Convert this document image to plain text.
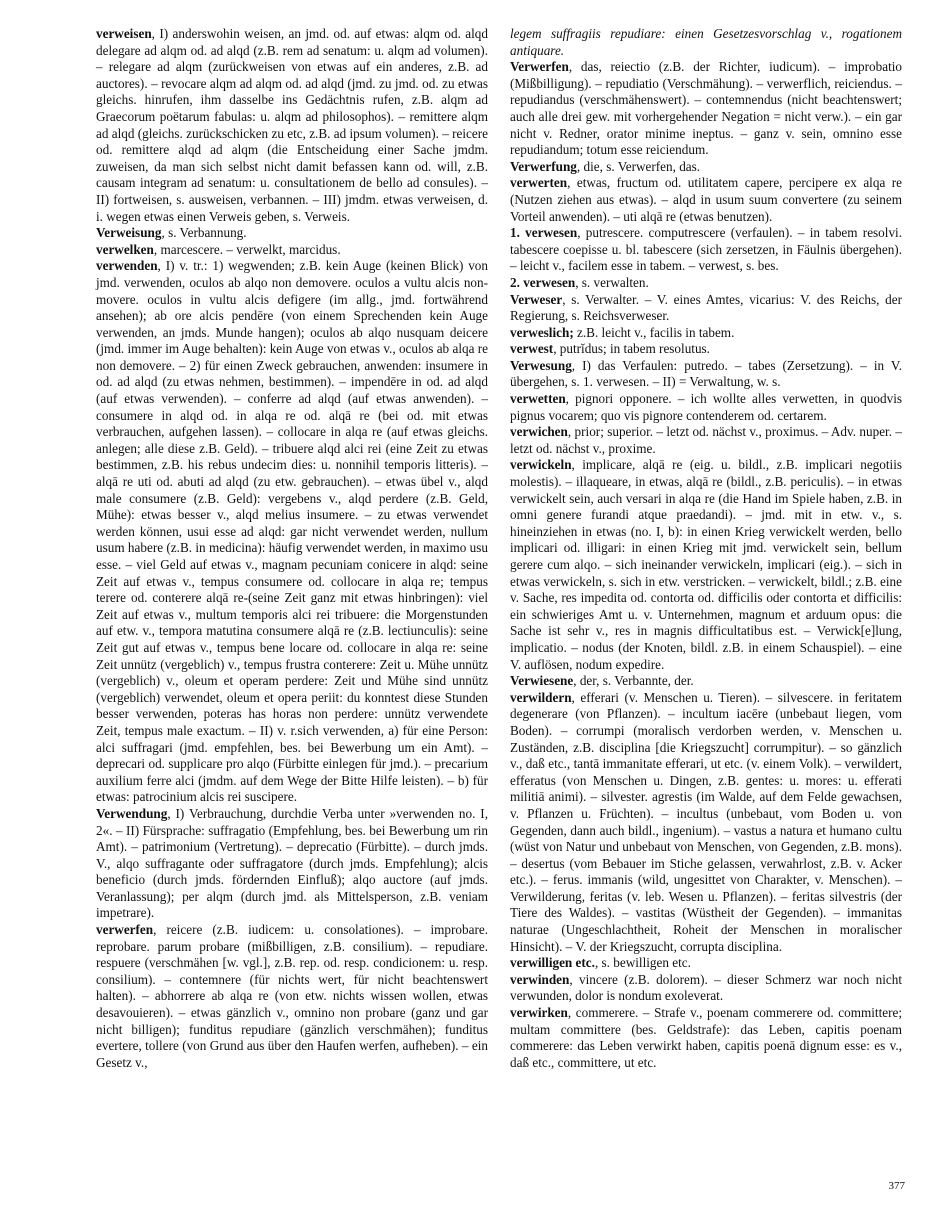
verweisen, I) anderswohin weisen, an jmd. od. auf etwas: alqm od. alqd delegare ad alqm od. ad alqd (z.B. rem ad senatum: u. alqm ad volumen). – relegare ad alqm (zurückweisen von etwas auf ein anderes, z.B. ad auctores). – revocare alqm ad alqm od. ad alqd (jmd. zu jmd. od. zu etwas gleichs. hinrufen, ihm dasselbe ins Gedächtnis rufen, z.B. alqm ad Graecorum poëtarum fabulas: u. alqm ad philosophos). – remittere alqm ad alqd (gleichs. zurückschicken zu etc, z.B. ad ipsum volumen). – reicere od. remittere alqd ad alqm (die Entscheidung einer Sache jmdm. zuweisen, da man sich selbst nicht damit befassen kann od. will, z.B. causam integram ad senatum: u. consultationem de bello ad consules). – II) fortweisen, s. ausweisen, verbannen. – III) jmdm. etwas verweisen, d. i. wegen etwas einen Verweis geben, s. Verweis.

Verweisung, s. Verbannung.

verwelken, marcescere. – verwelkt, marcidus.

verwenden, I) v. tr.: 1) wegwenden; z.B. kein Auge (keinen Blick) von jmd. verwenden, oculos ab alqo non demovere. oculos a vultu alcis non-movere. oculos in vultu alcis defigere (im allg., jmd. fortwährend ansehen); ab ore alcis pendēre (von einem Sprechenden kein Auge verwenden, an jmds. Munde hangen); oculos ab alqo nusquam deicere (jmd. immer im Auge behalten): kein Auge von etwas v., oculos ab alqa re non demovere. – 2) für einen Zweck gebrauchen, anwenden: insumere in od. ad alqd (zu etwas nehmen, bestimmen). – impendēre in od. ad alqd (auf etwas verwenden). – conferre ad alqd (auf etwas anwenden). – consumere in alqd od. in alqa re od. alqā re (bei od. mit etwas verbrauchen, aufgehen lassen). – collocare in alqa re (auf etwas gleichs. anlegen; alle diese z.B. Geld). – tribuere alqd alci rei (eine Zeit zu etwas bestimmen, z.B. his rebus undecim dies: u. nonnihil temporis litteris). – alqā re uti od. abuti ad alqd (zu etw. gebrauchen). – etwas übel v., alqd male consumere (z.B. Geld): vergebens v., alqd perdere (z.B. Geld, Mühe): etwas besser v., alqd melius insumere. – zu etwas verwendet werden können, usui esse ad alqd: gar nicht verwendet werden, nullum usum habere (z.B. in medicina): häufig verwendet werden, in maximo usu esse. – viel Geld auf etwas v., magnam pecuniam conicere in alqd: seine Zeit auf etwas v., tempus consumere od. collocare in alqa re; tempus terere od. conterere alqā re-(seine Zeit ganz mit etwas hinbringen): viel Zeit auf etwas v., multum temporis alci rei tribuere: die Morgenstunden auf etw. v., tempora matutina consumere alqā re (z.B. lectiunculis): seine Zeit gut auf etwas v., tempus bene locare od. collocare in alqa re: seine Zeit unnütz (vergeblich) v., tempus frustra conterere: Zeit u. Mühe unnütz (vergeblich) v., oleum et operam perdere: Zeit und Mühe sind unnütz (vergeblich) verwendet, oleum et opera periit: du konntest diese Stunden besser verwenden, poteras has horas non perdere: unnütz verwendete Zeit, tempus male exactum. – II) v. r.sich verwenden, a) für eine Person: alci suffragari (jmd. empfehlen, bes. bei Bewerbung um ein Amt). – deprecari od. supplicare pro alqo (Fürbitte einlegen für jmd.). – precarium auxilium ferre alci (jmdm. auf dem Wege der Bitte Hilfe leisten). – b) für etwas: patrocinium alcis rei suscipere.

Verwendung, I) Verbrauchung, durchdie Verba unter »verwenden no. I, 2«. – II) Fürsprache: suffragatio (Empfehlung, bes. bei Bewerbung um rin Amt). – patrimonium (Vertretung). – deprecatio (Fürbitte). – durch jmds. V., alqo suffragante oder suffragatore (durch jmds. Empfehlung); alcis beneficio (durch jmds. fördernden Einfluß); alqo auctore (auf jmds. Veranlassung); per alqm (durch jmd. als Mittelsperson, z.B. veniam impetrare).

verwerfen, reicere (z.B. iudicem: u. consolationes). – improbare. reprobare. parum probare (mißbilligen, z.B. consilium). – repudiare. respuere (verschmähen [w. vgl.], z.B. rep. od. resp. condicionem: u. resp. consilium). – contemnere (für nichts wert, für nicht beachtenswert halten). – abhorrere ab alqa re (von etw. nichts wissen wollen, etwas desavouieren). – etwas gänzlich v., omnino non probare (ganz und gar nicht billigen); funditus repudiare (gänzlich verschmähen); funditus evertere, tollere (von Grund aus über den Haufen werfen, aufheben). – ein Gesetz v.,

legem suffragiis repudiare: einen Gesetzesvorschlag v., rogationem antiquare.

Verwerfen, das, reiectio (z.B. der Richter, iudicum). – improbatio (Mißbilligung). – repudiatio (Verschmähung). – verwerflich, reiciendus. – repudiandus (verschmähenswert). – contemnendus (nicht beachtenswert; auch alle drei gew. mit vorhergehender Negation = nicht verw.). – ein gar nicht v. Redner, orator minime ineptus. – ganz v. sein, omnino esse repudiandum; totum esse reiciendum.

Verwerfung, die, s. Verwerfen, das.

verwerten, etwas, fructum od. utilitatem capere, percipere ex alqa re (Nutzen ziehen aus etwas). – alqd in usum suum convertere (zu seinem Vorteil anwenden). – uti alqā re (etwas benutzen).

1. verwesen, putrescere. computrescere (verfaulen). – in tabem resolvi. tabescere coepisse u. bl. tabescere (sich zersetzen, in Fäulnis übergehen). – leicht v., facilem esse in tabem. – verwest, s. bes.

2. verwesen, s. verwalten.

Verweser, s. Verwalter. – V. eines Amtes, vicarius: V. des Reichs, der Regierung, s. Reichsverweser.

verweslich; z.B. leicht v., facilis in tabem.

verwest, putrĭdus; in tabem resolutus.

Verwesung, I) das Verfaulen: putredo. – tabes (Zersetzung). – in V. übergehen, s. 1. verwesen. – II) = Verwaltung, w. s.

verwetten, pignori opponere. – ich wollte alles verwetten, in quodvis pignus vocarem; quo vis pignore contenderem od. certarem.

verwichen, prior; superior. – letzt od. nächst v., proximus. – Adv. nuper. – letzt od. nächst v., proxime.

verwickeln, implicare, alqā re (eig. u. bildl., z.B. implicari negotiis molestis). – illaqueare, in etwas, alqā re (bildl., z.B. periculis). – in etwas verwickelt sein, auch versari in alqa re (die Hand im Spiele haben, z.B. in omni genere furandi atque praedandi). – jmd. mit in etw. v., s. hineinziehen in etwas (no. I, b): in einen Krieg verwickelt werden, bello implicari od. illigari: in einen Krieg mit jmd. verwickelt sein, bellum gerere cum alqo. – sich ineinander verwickeln, implicari (eig.). – sich in etwas verwickeln, s. sich in etw. verstricken. – verwickelt, bildl.; z.B. eine v. Sache, res impedita od. contorta od. difficilis oder contorta et difficilis: ein schwieriges Amt u. v. Unternehmen, magnum et arduum opus: die Sache ist sehr v., res in magnis difficultatibus est. – Verwick[e]lung, implicatio. – nodus (der Knoten, bildl. z.B. in einem Schauspiel). – eine V. auflösen, nodum expedire.

Verwiesene, der, s. Verbannte, der.

verwildern, efferari (v. Menschen u. Tieren). – silvescere. in feritatem degenerare (von Pflanzen). – incultum iacēre (unbebaut liegen, vom Boden). – corrumpi (moralisch verdorben werden, v. Menschen u. Zuständen, z.B. disciplina [die Kriegszucht] corrumpitur). – so gänzlich v., daß etc., tantā immanitate efferari, ut etc. (v. einem Volk). – verwildert, efferatus (von Menschen u. Dingen, z.B. gentes: u. mores: u. efferati militiā animi). – silvester. agrestis (im Walde, auf dem Felde gewachsen, v. Pflanzen u. Früchten). – incultus (unbebaut, vom Boden u. von Gegenden, dann auch bildl., ingenium). – vastus a natura et humano cultu (wüst von Natur und unbebaut von Menschen, von Gegenden, z.B. mons). – desertus (vom Bebauer im Stiche gelassen, verwahrlost, z.B. v. Acker etc.). – ferus. immanis (wild, ungesittet von Charakter, v. Menschen). – Verwilderung, feritas (v. leb. Wesen u. Pflanzen). – feritas silvestris (der Tiere des Waldes). – vastitas (Wüstheit der Gegenden). – immanitas naturae (Ungeschlachtheit, Roheit der Menschen in moralischer Hinsicht). – V. der Kriegszucht, corrupta disciplina.

verwilligen etc., s. bewilligen etc.

verwinden, vincere (z.B. dolorem). – dieser Schmerz war noch nicht verwunden, dolor is nondum exoleverat.

verwirken, commerere. – Strafe v., poenam commerere od. committere; multam committere (bes. Geldstrafe): das Leben, capitis poenam commerere: das Leben verwirkt haben, capitis poenā dignum esse: es v., daß etc., committere, ut etc.

377
